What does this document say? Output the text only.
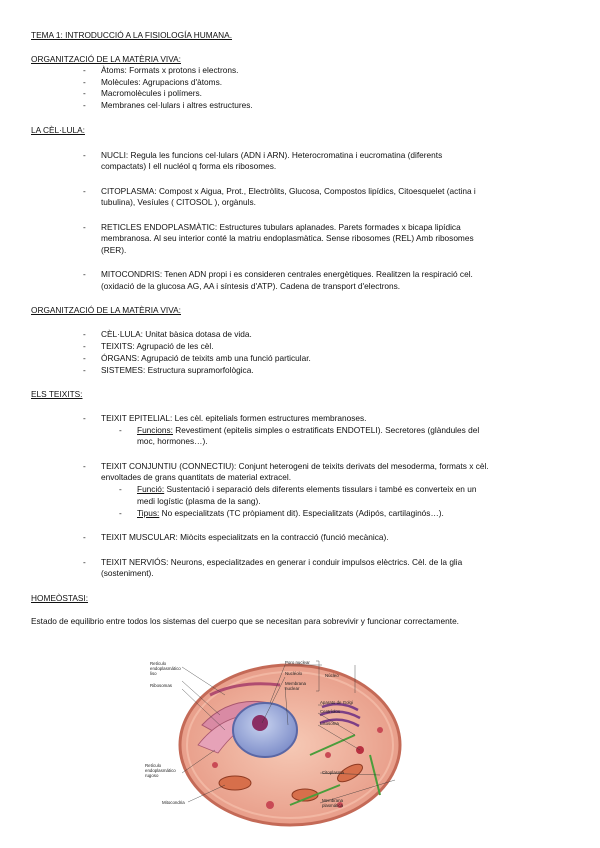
TEMA 1: INTRODUCCIÓ A LA FISIOLOGÍA HUMANA.
ORGANITZACIÓ DE LA MATÈRIA VIVA:
- Àtoms: Formats x protons i electrons.
- Molècules: Agrupacions d'àtoms.
- Macromolècules i polímers.
- Membranes cel·lulars i altres estructures.
LA CÈL·LULA:
- NUCLI: Regula les funcions cel·lulars (ADN i ARN). Heterocromatina i eucromatina (diferents
compactats) I ell nucléol q forma els ribosomes.
- CITOPLASMA: Compost x Aigua, Prot., Electròlits, Glucosa, Compostos lipídics, Citoesquelet (actina i
tubulina), Vesíules ( CITOSOL ), orgànuls.
- RETICLES ENDOPLASMÀTIC: Estructures tubulars aplanades. Parets formades x bicapa lipídica
membranosa. Al seu interior conté la matriu endoplasmàtica. Sense ribosomes (REL) Amb ribosomes
(RER).
- MITOCONDRIS: Tenen ADN propi i es consideren centrales energètiques. Realitzen la respiració cel.
(oxidació de la glucosa AG, AA i síntesis d'ATP). Cadena de transport d'electrons.
ORGANITZACIÓ DE LA MATÈRIA VIVA:
- CÈL·LULA: Unitat bàsica dotasa de vida.
- TEIXITS: Agrupació de les cèl.
- ÓRGANS: Agrupació de teixits amb una funció particular.
- SISTEMES: Estructura supramorfològica.
ELS TEIXITS:
- TEIXIT EPITELIAL: Les cèl. epitelials formen estructures membranoses.
- Funcions: Revestiment (epitelis simples o estratificats ENDOTELI). Secretores (glàndules del
moc, hormones…).
- TEIXIT CONJUNTIU (CONNECTIU): Conjunt heterogeni de teixits derivats del mesoderma, formats x cèl.
envoltades de grans quantitats de material extracel.
- Funció: Sustentació i separació dels diferents elements tissulars i també es converteix en un
medi logístic (plasma de la sang).
- Tipus: No especialitzats (TC pròpiament dit). Especialitzats (Adipós, cartilaginós…).
- TEIXIT MUSCULAR: Miòcits especialitzats en la contracció (funció mecànica).
- TEIXIT NERVIÓS: Neurons, especialitzades en generar i conduir impulsos elèctrics. Cèl. de la glia
(sosteniment).
HOMEÒSTASI:
Estado de equilibrio entre todos los sistemas del cuerpo que se necesitan para sobrevivir y funcionar correctamente.
Retículo
endoplasmático
liso
Ribosomas
Retículo
endoplasmático
rugoso
Mitocondria
Poro nuclear
Nucléolo
Membrana
nuclear
Núcleo
Aparato de Golgi
Centríolos
Lisosoma
Citoplasma
Membrana
plasmática
